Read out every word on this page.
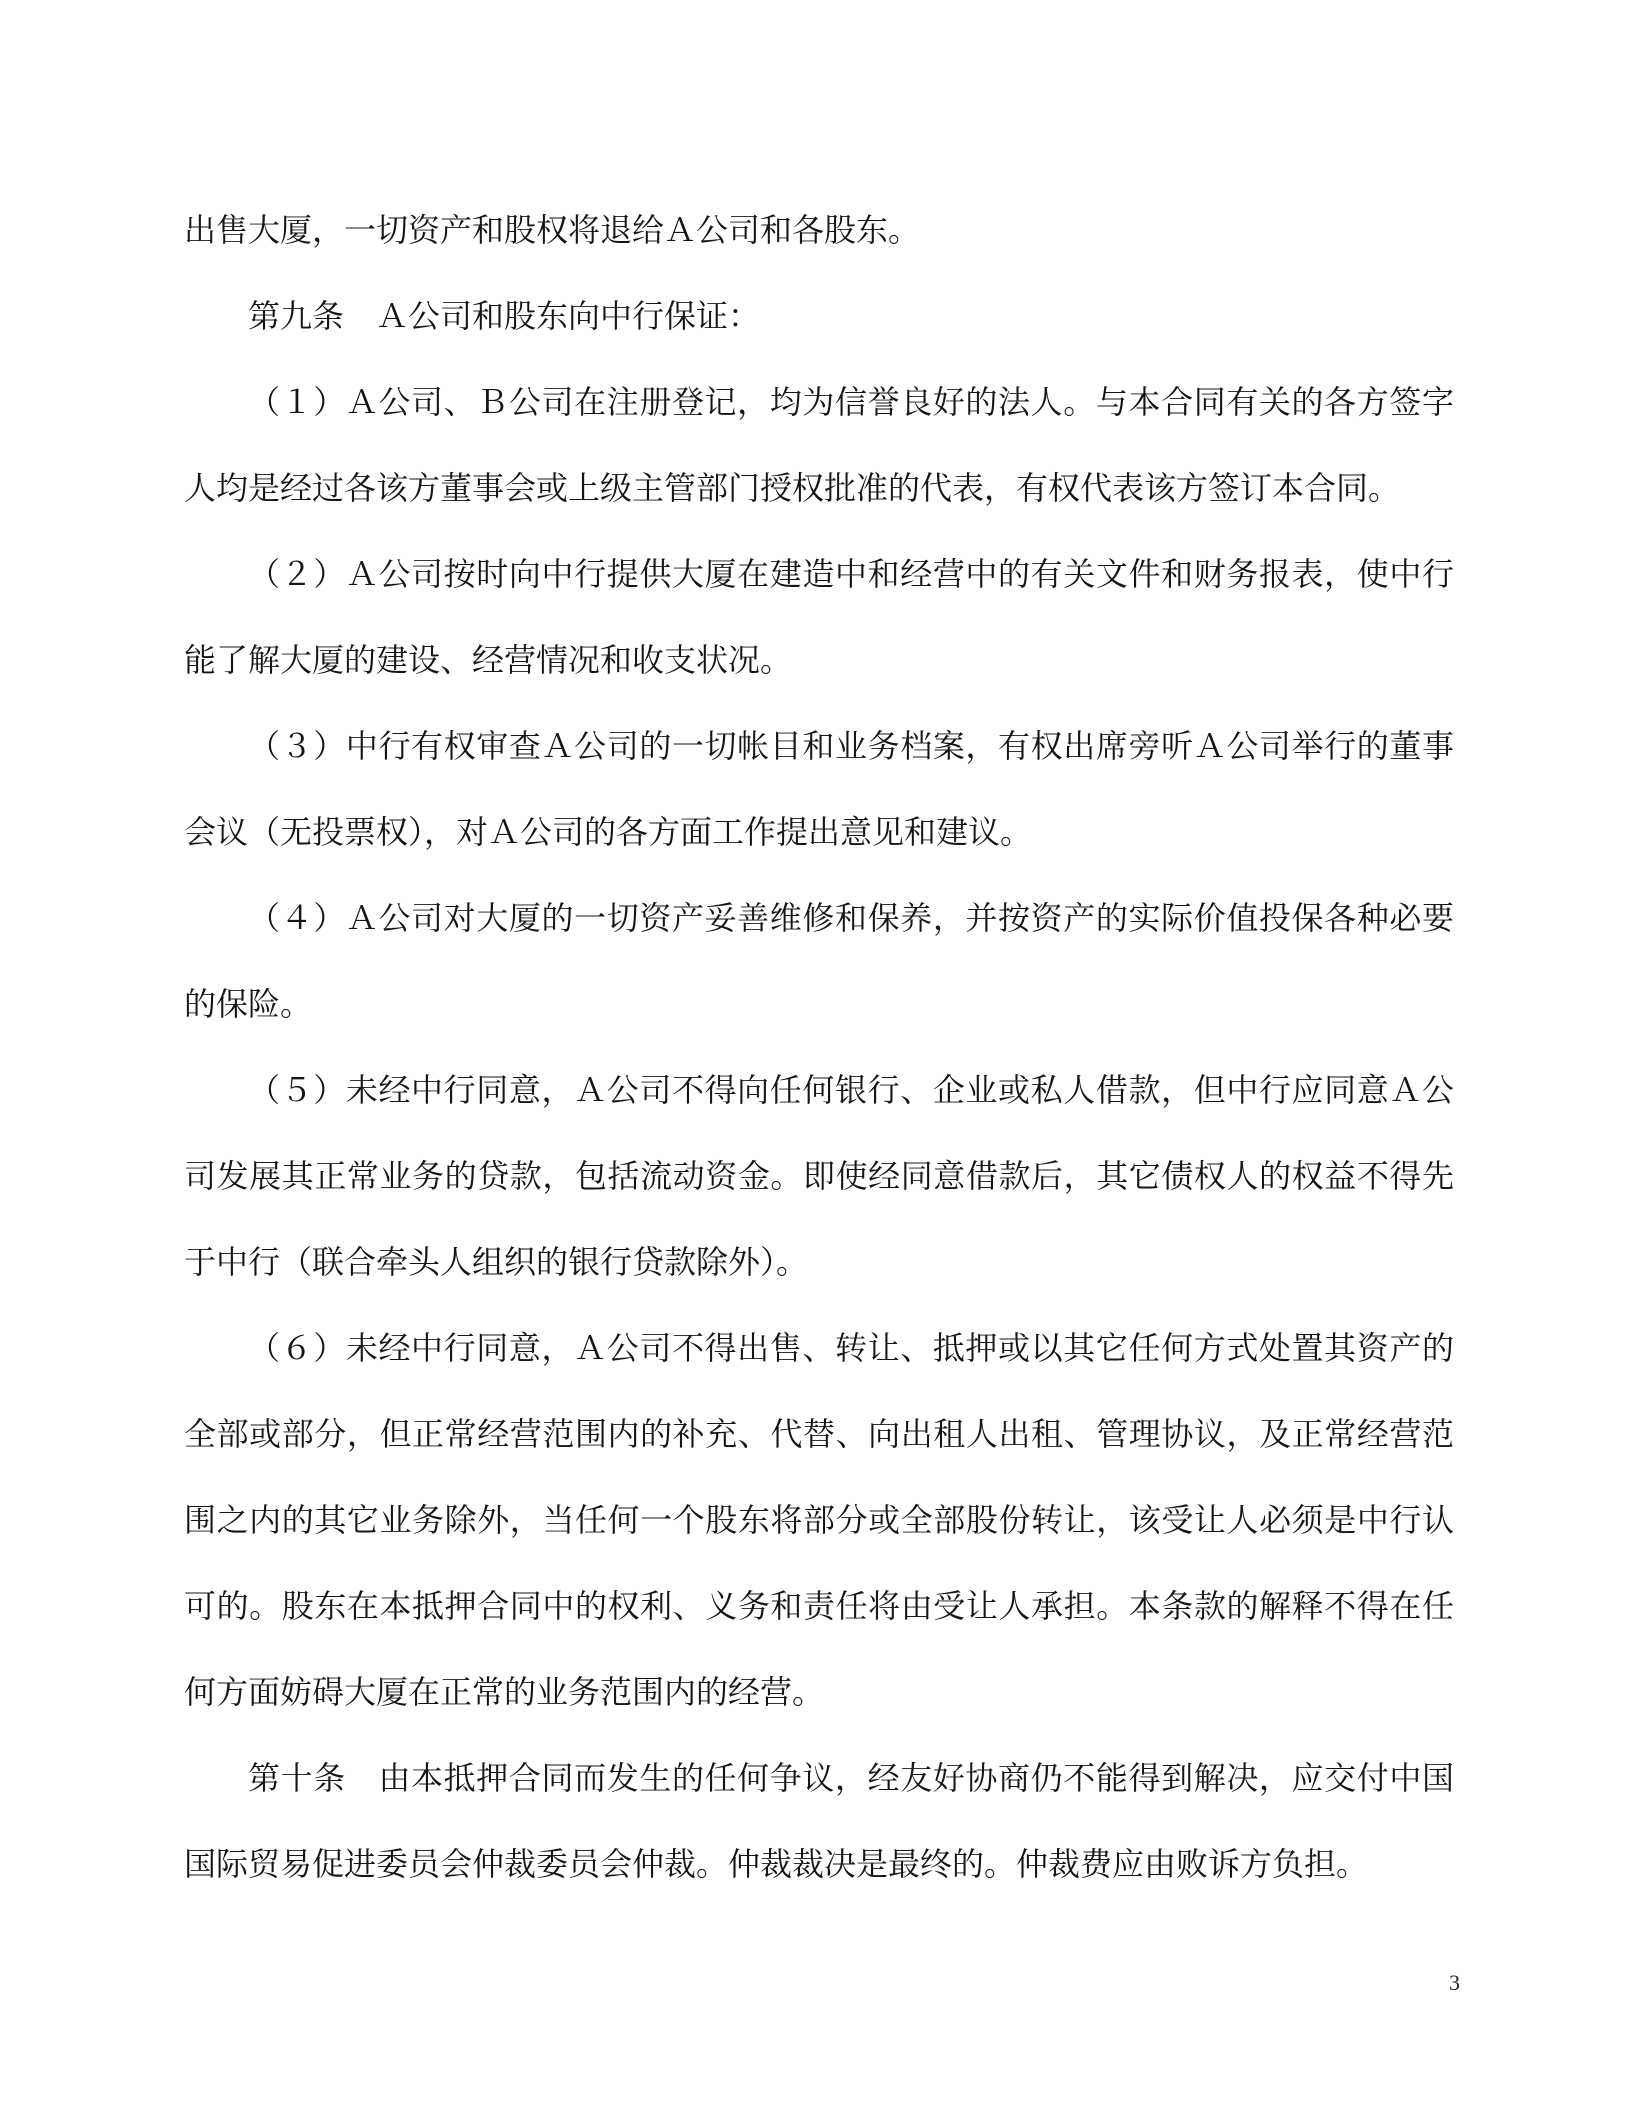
出售大厦，一切资产和股权将退给Ａ公司和各股东。

第九条　Ａ公司和股东向中行保证：

（１）Ａ公司、Ｂ公司在注册登记，均为信誉良好的法人。与本合同有关的各方签字人均是经过各该方董事会或上级主管部门授权批准的代表，有权代表该方签订本合同。

（２）Ａ公司按时向中行提供大厦在建造中和经营中的有关文件和财务报表，使中行能了解大厦的建设、经营情况和收支状况。

（３）中行有权审查Ａ公司的一切帐目和业务档案，有权出席旁听Ａ公司举行的董事会议（无投票权），对Ａ公司的各方面工作提出意见和建议。

（４）Ａ公司对大厦的一切资产妥善维修和保养，并按资产的实际价值投保各种必要的保险。

（５）未经中行同意，Ａ公司不得向任何银行、企业或私人借款，但中行应同意Ａ公司发展其正常业务的贷款，包括流动资金。即使经同意借款后，其它债权人的权益不得先于中行（联合牵头人组织的银行贷款除外）。

（６）未经中行同意，Ａ公司不得出售、转让、抵押或以其它任何方式处置其资产的全部或部分，但正常经营范围内的补充、代替、向出租人出租、管理协议，及正常经营范围之内的其它业务除外，当任何一个股东将部分或全部股份转让，该受让人必须是中行认可的。股东在本抵押合同中的权利、义务和责任将由受让人承担。本条款的解释不得在任何方面妨碍大厦在正常的业务范围内的经营。

第十条　由本抵押合同而发生的任何争议，经友好协商仍不能得到解决，应交付中国国际贸易促进委员会仲裁委员会仲裁。仲裁裁决是最终的。仲裁费应由败诉方负担。

3
